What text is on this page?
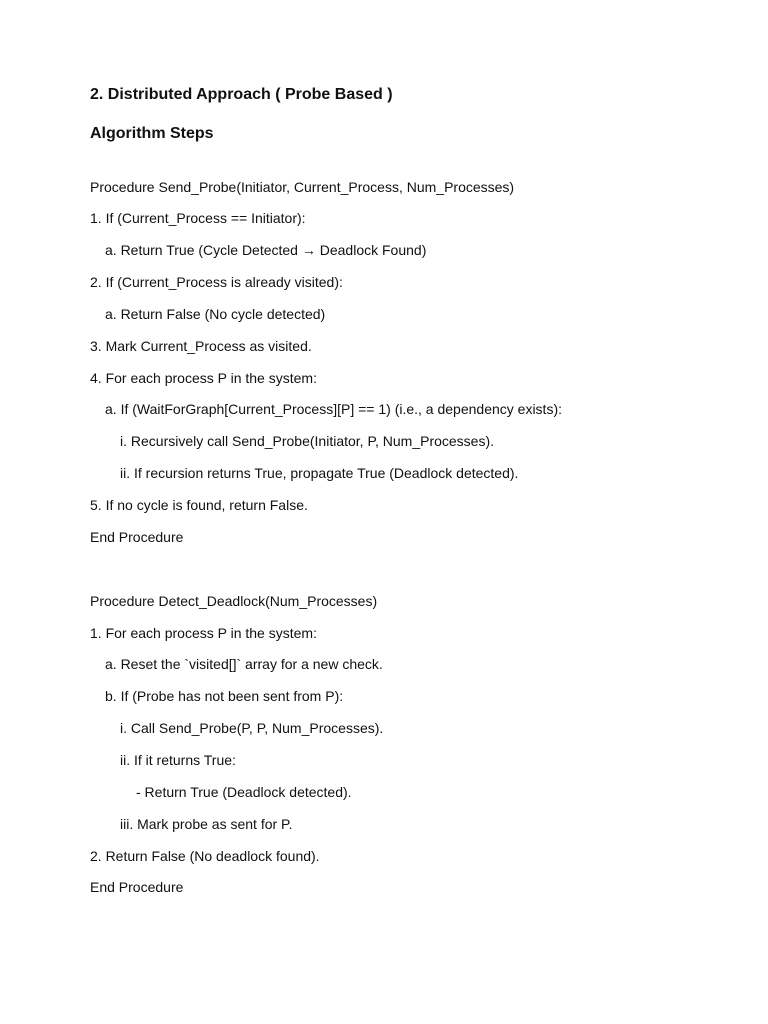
2. Distributed Approach ( Probe Based )
Algorithm Steps
Procedure Send_Probe(Initiator, Current_Process, Num_Processes)
1. If (Current_Process == Initiator):
a. Return True (Cycle Detected → Deadlock Found)
2. If (Current_Process is already visited):
a. Return False (No cycle detected)
3. Mark Current_Process as visited.
4. For each process P in the system:
a. If (WaitForGraph[Current_Process][P] == 1) (i.e., a dependency exists):
i. Recursively call Send_Probe(Initiator, P, Num_Processes).
ii. If recursion returns True, propagate True (Deadlock detected).
5. If no cycle is found, return False.
End Procedure
Procedure Detect_Deadlock(Num_Processes)
1. For each process P in the system:
a. Reset the `visited[]` array for a new check.
b. If (Probe has not been sent from P):
i. Call Send_Probe(P, P, Num_Processes).
ii. If it returns True:
- Return True (Deadlock detected).
iii. Mark probe as sent for P.
2. Return False (No deadlock found).
End Procedure
